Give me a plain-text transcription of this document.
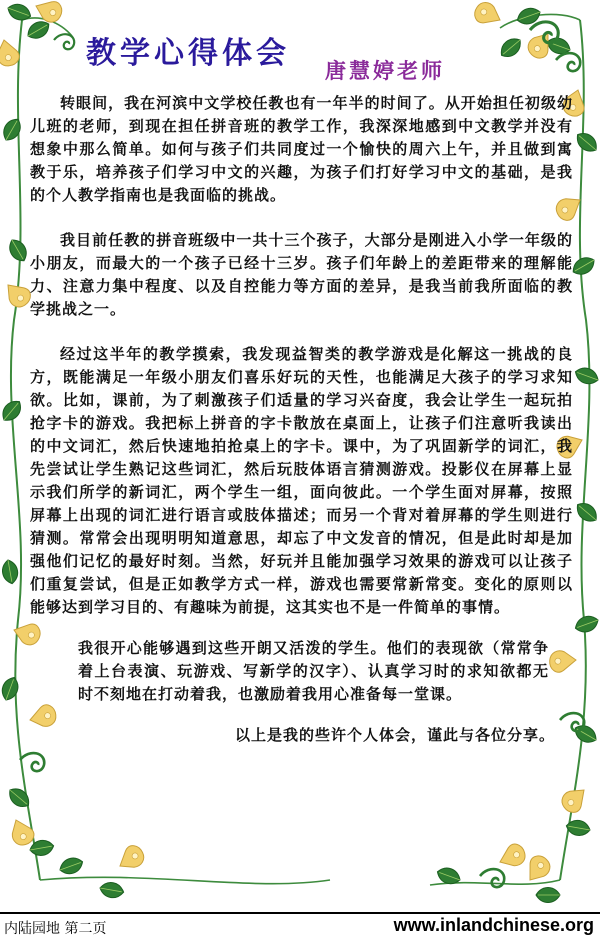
教学心得体会 唐慧婷老师

转眼间，我在河滨中文学校任教也有一年半的时间了。从开始担任初级幼儿班的老师，到现在担任拼音班的教学工作，我深深地感到中文教学并没有想象中那么简单。如何与孩子们共同度过一个愉快的周六上午，并且做到寓教于乐，培养孩子们学习中文的兴趣，为孩子们打好学习中文的基础，是我的个人教学指南也是我面临的挑战。

我目前任教的拼音班级中一共十三个孩子，大部分是刚进入小学一年级的小朋友，而最大的一个孩子已经十三岁。孩子们年龄上的差距带来的理解能力、注意力集中程度、以及自控能力等方面的差异，是我当前我所面临的教学挑战之一。

经过这半年的教学摸索，我发现益智类的教学游戏是化解这一挑战的良方，既能满足一年级小朋友们喜乐好玩的天性，也能满足大孩子的学习求知欲。比如，课前，为了刺激孩子们适量的学习兴奋度，我会让学生一起玩拍抢字卡的游戏。我把标上拼音的字卡散放在桌面上，让孩子们注意听我读出的中文词汇，然后快速地拍抢桌上的字卡。课中，为了巩固新学的词汇，我先尝试让学生熟记这些词汇，然后玩肢体语言猜测游戏。投影仪在屏幕上显示我们所学的新词汇，两个学生一组，面向彼此。一个学生面对屏幕，按照屏幕上出现的词汇进行语言或肢体描述；而另一个背对着屏幕的学生则进行猜测。常常会出现明明知道意思，却忘了中文发音的情况，但是此时却是加强他们记忆的最好时刻。当然，好玩并且能加强学习效果的游戏可以让孩子们重复尝试，但是正如教学方式一样，游戏也需要常新常变。变化的原则以能够达到学习目的、有趣味为前提，这其实也不是一件简单的事情。

我很开心能够遇到这些开朗又活泼的学生。他们的表现欲（常常争着上台表演、玩游戏、写新学的汉字）、认真学习时的求知欲都无时不刻地在打动着我，也激励着我用心准备每一堂课。

以上是我的些许个人体会，谨此与各位分享。

内陆园地 第二页	www.inlandchinese.org
